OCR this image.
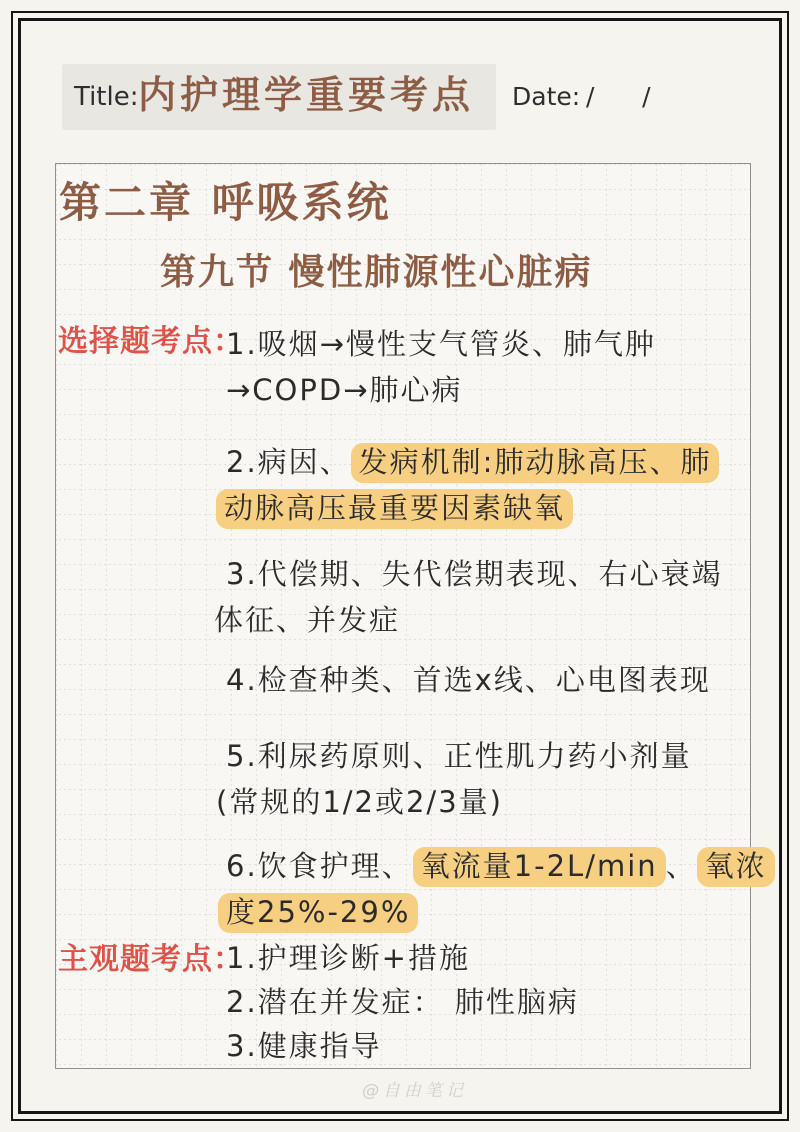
Title: 内护理学重要考点 Date: /      /
第二章 呼吸系统
第九节 慢性肺源性心脏病
选择题考点：
1.吸烟→慢性支气管炎、肺气肿
→COPD→肺心病
2.病因、 发病机制:肺动脉高压、肺
动脉高压最重要因素缺氧
3.代偿期、失代偿期表现、右心衰竭
体征、并发症
4.检查种类、首选x线、心电图表现
5.利尿药原则、正性肌力药小剂量
(常规的1/2或2/3量)
6.饮食护理、 氧流量1-2L/min 、 氧浓
度25%-29%
主观题考点：
1.护理诊断+措施
2.潜在并发症： 肺性脑病
3.健康指导
@自由笔记
